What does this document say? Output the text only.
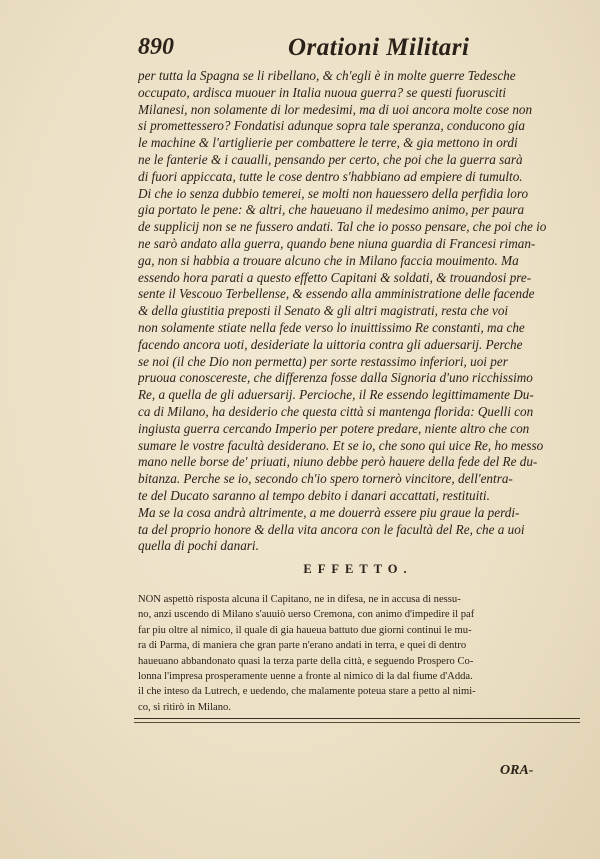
890	Orationi Militari
per tutta la Spagna se li ribellano, & ch'egli è in molte guerre Tedesche
occupato, ardisca muouer in Italia nuoua guerra? se questi fuorusciti
Milanesi, non solamente di lor medesimi, ma di uoi ancora molte cose non
si promettessero? Fondatisi adunque sopra tale speranza, conducono gia
le machine & l'artiglierie per combattere le terre, & gia mettono in ordi
ne le fanterie & i caualli, pensando per certo, che poi che la guerra sarà
di fuori appiccata, tutte le cose dentro s'habbiano ad empiere di tumulto.
Di che io senza dubbio temerei, se molti non hauessero della perfidia loro
gia portato le pene: & altri, che haueuano il medesimo animo, per paura
de supplicij non se ne fussero andati. Tal che io posso pensare, che poi che io
ne sarò andato alla guerra, quando bene niuna guardia di Francesi riman-
ga, non si habbia a trouare alcuno che in Milano faccia mouimento. Ma
essendo hora parati a questo effetto Capitani & soldati, & trouandosi pre-
sente il Vescouo Terbellense, & essendo alla amministratione delle facende
& della giustitia preposti il Senato & gli altri magistrati, resta che voi
non solamente stiate nella fede verso lo inuittissimo Re constanti, ma che
facendo ancora uoti, desideriate la uittoria contra gli aduersarij. Perche
se noi (il che Dio non permetta) per sorte restassimo inferiori, uoi per
pruoua conoscereste, che differenza fosse dalla Signoria d'uno ricchissimo
Re, a quella de gli aduersarij. Percioche, il Re essendo legittimamente Du-
ca di Milano, ha desiderio che questa città si mantenga florida: Quelli con
ingiusta guerra cercando Imperio per potere predare, niente altro che con
sumare le vostre facultà desiderano. Et se io, che sono qui uice Re, ho messo
mano nelle borse de' priuati, niuno debbe però hauere della fede del Re du-
bitanza. Perche se io, secondo ch'io spero tornerò vincitore, dell'entra-
te del Ducato saranno al tempo debito i danari accattati, restituiti.
Ma se la cosa andrà altrimente, a me douerrà essere piu graue la perdi-
ta del proprio honore & della vita ancora con le facultà del Re, che a uoi
quella di pochi danari.
EFFETTO.
NON aspettò risposta alcuna il Capitano, ne in difesa, ne in accusa di nessu-
no, anzi uscendo di Milano s'auuiò uerso Cremona, con animo d'impedire il paf
far piu oltre al nimico, il quale di gia haueua battuto due giorni continui le mu-
ra di Parma, di maniera che gran parte n'erano andati in terra, e quei di dentro
haueuano abbandonato quasi la terza parte della città, e seguendo Prospero Co-
lonna l'impresa prosperamente uenne a fronte al nimico di la dal fiume d'Adda.
il che inteso da Lutrech, e uedendo, che malamente poteua stare a petto al nimi-
co, si ritirò in Milano.
ORA-
